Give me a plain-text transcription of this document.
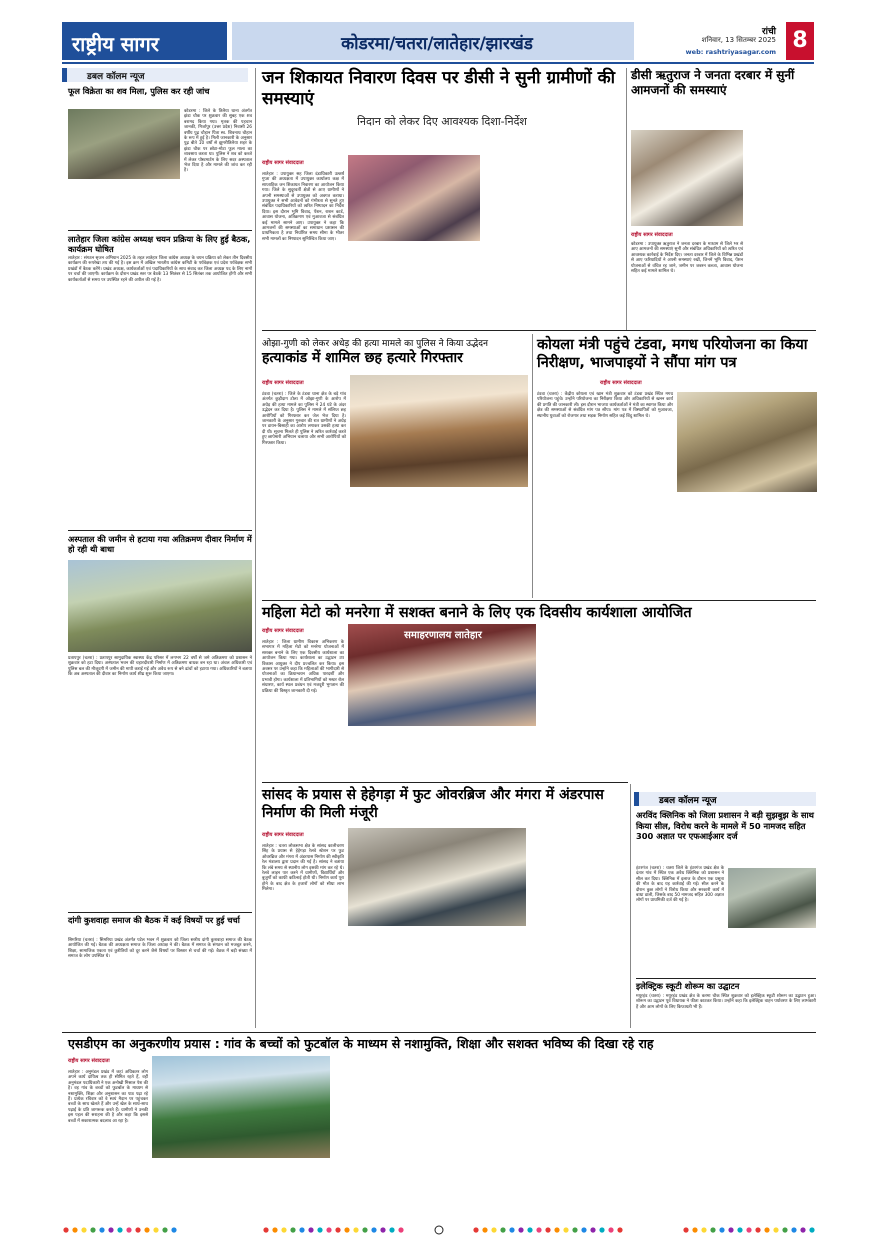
राष्ट्रीय सागर	कोडरमा/चतरा/लातेहार/झारखंड
रांची
शनिवार, 13 सितम्बर 2025
web: rashtriyasagar.com 8
डबल कॉलम न्यूज
फूल विक्रेता का शव मिला, पुलिस कर रही जांच
कोडरमा : जिले के तिलैया थाना अंतर्गत झंडा चौक पर शुक्रवार की सुबह एक शव बरामद किया गया। मृतक की पहचान जानकी, मिर्जापुर (उत्तर प्रदेश) निवासी 26 वर्षीय पुढ़ चौहान पिता स्व. शिवनाथ चौहान के रूप में हुई है। मिली जानकारी के अनुसार पुढ़ बीते 10 वर्षों से झुमरीतिलैया शहर के झंडा चौक पर छोटा-मोटा फूल माला का व्यवसाय करता था। पुलिस ने शव को कब्जे में लेकर पोस्टमार्टम के लिए सदर अस्पताल भेज दिया है और मामले की जांच कर रही है।
लातेहार जिला कांग्रेस अध्यक्ष चयन प्रक्रिया के लिए हुई बैठक, कार्यक्रम घोषित
लातेहार : संगठन सृजन अभियान 2025 के तहत लातेहार जिला कांग्रेस अध्यक्ष के चयन प्रक्रिया को लेकर तीन दिवसीय कार्यक्रम की रूपरेखा तय की गई है। इस क्रम में अखिल भारतीय कांग्रेस कमिटी के पर्यवेक्षक एवं प्रदेश पर्यवेक्षक सभी प्रखंडों में बैठक करेंगे। प्रखंड अध्यक्ष, कार्यकर्ताओं एवं पदाधिकारियों के साथ संवाद कर जिला अध्यक्ष पद के लिए नामों पर चर्चा की जाएगी। कार्यक्रम के दौरान प्रखंड स्तर पर बैठकें 13 सितंबर से 15 सितंबर तक आयोजित होंगी और सभी कार्यकर्ताओं से समय पर उपस्थित रहने की अपील की गई है।
अस्पताल की जमीन से हटाया गया अतिक्रमण दीवार निर्माण में हो रही थी बाधा
प्रतापपुर (चतरा) : प्रतापपुर सामुदायिक स्वास्थ्य केंद्र परिसर में लगभग 22 वर्षों से जमे अतिक्रमण को प्रशासन ने शुक्रवार को हटा दिया। अस्पताल भवन की चहारदीवारी निर्माण में अतिक्रमण बाधक बन रहा था। अंचल अधिकारी एवं पुलिस बल की मौजूदगी में जमीन की मापी कराई गई और अवैध रूप से बने ढांचों को हटाया गया। अधिकारियों ने बताया कि अब अस्पताल की दीवार का निर्माण कार्य शीघ्र शुरू किया जाएगा।
दांगी कुशवाहा समाज की बैठक में कई विषयों पर हुई चर्चा
सिमरिया (चतरा) : सिमरिया प्रखंड अंतर्गत पटेल भवन में शुक्रवार को जिला स्तरीय दांगी कुशवाहा समाज की बैठक आयोजित की गई। बैठक की अध्यक्षता समाज के जिला अध्यक्ष ने की। बैठक में समाज के संगठन को मजबूत करने, शिक्षा, सामाजिक एकता एवं कुरीतियों को दूर करने जैसे विषयों पर विस्तार से चर्चा की गई। बैठक में बड़ी संख्या में समाज के लोग उपस्थित थे।
जन शिकायत निवारण दिवस पर डीसी ने सुनी ग्रामीणों की समस्याएं
निदान को लेकर दिए आवश्यक दिशा-निर्देश
राष्ट्रीय सागर संवाददाता
लातेहार : उपायुक्त सह जिला दंडाधिकारी उत्कर्ष गुप्ता की अध्यक्षता में उपायुक्त कार्यालय कक्ष में साप्ताहिक जन शिकायत निवारण का आयोजन किया गया। जिले के सुदूरवर्ती क्षेत्रों से आए ग्रामीणों ने अपनी समस्याओं से उपायुक्त को अवगत कराया। उपायुक्त ने सभी आवेदनों को गंभीरता से सुनते हुए संबंधित पदाधिकारियों को त्वरित निष्पादन का निर्देश दिया। इस दौरान भूमि विवाद, पेंशन, राशन कार्ड, आवास योजना, अतिक्रमण एवं मुआवजा से संबंधित कई मामले सामने आए। उपायुक्त ने कहा कि आमजनों की समस्याओं का समाधान प्रशासन की प्राथमिकता है तथा निर्धारित समय सीमा के भीतर सभी मामलों का निष्पादन सुनिश्चित किया जाए।
डीसी ऋतुराज ने जनता दरबार में सुनीं आमजनों की समस्याएं
राष्ट्रीय सागर संवाददाता
कोडरमा : उपायुक्त ऋतुराज ने जनता दरबार के माध्यम से जिले भर से आए आमजनों की समस्याएं सुनीं और संबंधित अधिकारियों को त्वरित एवं आवश्यक कार्रवाई के निर्देश दिए। जनता दरबार में जिले के विभिन्न प्रखंडों से आए फरियादियों ने अपनी समस्याएं रखीं, जिनमें भूमि विवाद, पेंशन योजनाओं से वंचित रह जाने, जमीन पर जबरन कब्जा, आवास योजना सहित कई मामले शामिल थे।
ओझा-गुणी को लेकर अधेड़ की हत्या मामले का पुलिस ने किया उद्भेदन
हत्याकांड में शामिल छह हत्यारे गिरफ्तार
राष्ट्रीय सागर संवाददाता
टंडवा (चतरा) : जिले के टंडवा थाना क्षेत्र के बड़े गांव अंतर्गत कुड़ीदाग टोला में ओझा-गुणी के आरोप में अधेड़ की हत्या मामले का पुलिस ने 24 घंटे के अंदर उद्भेदन कर दिया है। पुलिस ने मामले में संलिप्त छह आरोपियों को गिरफ्तार कर जेल भेज दिया है। जानकारी के अनुसार गुरुवार की रात ग्रामीणों ने अधेड़ पर डायन-बिसाही का आरोप लगाकर उसकी हत्या कर दी थी। सूचना मिलते ही पुलिस ने त्वरित कार्रवाई करते हुए छापेमारी अभियान चलाया और सभी आरोपियों को गिरफ्तार किया।
कोयला मंत्री पहुंचे टंडवा, मगध परियोजना का किया निरीक्षण, भाजपाइयों ने सौंपा मांग पत्र
राष्ट्रीय सागर संवाददाता
टंडवा (चतरा) : केंद्रीय कोयला एवं खान मंत्री शुक्रवार को टंडवा प्रखंड स्थित मगध परियोजना पहुंचे। उन्होंने परियोजना का निरीक्षण किया और अधिकारियों से खनन कार्य की प्रगति की जानकारी ली। इस दौरान भाजपा कार्यकर्ताओं ने मंत्री का स्वागत किया और क्षेत्र की समस्याओं से संबंधित मांग पत्र सौंपा। मांग पत्र में विस्थापितों को मुआवजा, स्थानीय युवाओं को रोजगार तथा सड़क निर्माण सहित कई बिंदु शामिल थे।
महिला मेटो को मनरेगा में सशक्त बनाने के लिए एक दिवसीय कार्यशाला आयोजित
राष्ट्रीय सागर संवाददाता
लातेहार : जिला ग्रामीण विकास अभिकरण के सभागार में महिला मेटो को मनरेगा योजनाओं में सशक्त बनाने के लिए एक दिवसीय कार्यशाला का आयोजन किया गया। कार्यशाला का उद्घाटन उप विकास आयुक्त ने दीप प्रज्वलित कर किया। इस अवसर पर उन्होंने कहा कि महिलाओं की भागीदारी से योजनाओं का क्रियान्वयन अधिक पारदर्शी और प्रभावी होगा। कार्यशाला में प्रतिभागियों को मस्टर रोल संधारण, कार्य स्थल प्रबंधन एवं मजदूरी भुगतान की प्रक्रिया की विस्तृत जानकारी दी गई।
समाहरणालय लातेहार
सांसद के प्रयास से हेहेगड़ा में फुट ओवरब्रिज और मंगरा में अंडरपास निर्माण की मिली मंजूरी
राष्ट्रीय सागर संवाददाता
लातेहार : चतरा लोकसभा क्षेत्र के सांसद कालीचरण सिंह के प्रयास से हेहेगड़ा रेलवे स्टेशन पर फुट ओवरब्रिज और मंगरा में अंडरपास निर्माण की स्वीकृति रेल मंत्रालय द्वारा प्रदान की गई है। सांसद ने बताया कि लंबे समय से स्थानीय लोग इसकी मांग कर रहे थे। रेलवे लाइन पार करने में ग्रामीणों, विद्यार्थियों और बुजुर्गों को काफी कठिनाई होती थी। निर्माण कार्य पूरा होने के बाद क्षेत्र के हजारों लोगों को सीधा लाभ मिलेगा।
डबल कॉलम न्यूज
अरविंद क्लिनिक को जिला प्रशासन ने बड़ी सुझबुझ के साथ किया सील, विरोध करने के मामले में 50 नामजद सहित 300 अज्ञात पर एफआईआर दर्ज
हंटरगंज (चतरा) : चतरा जिले के हंटरगंज प्रखंड क्षेत्र के दंतार गांव में स्थित एक अवैध क्लिनिक को प्रशासन ने सील कर दिया। क्लिनिक में इलाज के दौरान एक प्रसूता की मौत के बाद यह कार्रवाई की गई। सील करने के दौरान कुछ लोगों ने विरोध किया और सरकारी कार्य में बाधा डाली, जिसके बाद 50 नामजद सहित 300 अज्ञात लोगों पर प्राथमिकी दर्ज की गई है।
इलेक्ट्रिक स्कूटी शोरूम का उद्घाटन
मयूरहंड (चतरा) : मयूरहंड प्रखंड क्षेत्र के करमा चौक स्थित शुक्रवार को इलेक्ट्रिक स्कूटी शोरूम का उद्घाटन हुआ। शोरूम का उद्घाटन पूर्व विधायक ने फीता काटकर किया। उन्होंने कहा कि इलेक्ट्रिक वाहन पर्यावरण के लिए लाभकारी हैं और आम लोगों के लिए किफायती भी हैं।
एसडीएम का अनुकरणीय प्रयास : गांव के बच्चों को फुटबॉल के माध्यम से नशामुक्ति, शिक्षा और सशक्त भविष्य की दिखा रहे राह
राष्ट्रीय सागर संवाददाता
लातेहार : अनुमंडल प्रखंड में जहां अधिकतर लोग अपने कार्य दायित्व तक ही सीमित रहते हैं, वहीं अनुमंडल पदाधिकारी ने एक अनोखी मिसाल पेश की है। वह गांव के बच्चों को फुटबॉल के माध्यम से नशामुक्ति, शिक्षा और अनुशासन का पाठ पढ़ा रहे हैं। प्रत्येक रविवार को वे स्वयं मैदान पर पहुंचकर बच्चों के साथ खेलते हैं और उन्हें खेल के साथ-साथ पढ़ाई के प्रति जागरूक करते हैं। ग्रामीणों ने उनकी इस पहल की सराहना की है और कहा कि इससे बच्चों में सकारात्मक बदलाव आ रहा है।
